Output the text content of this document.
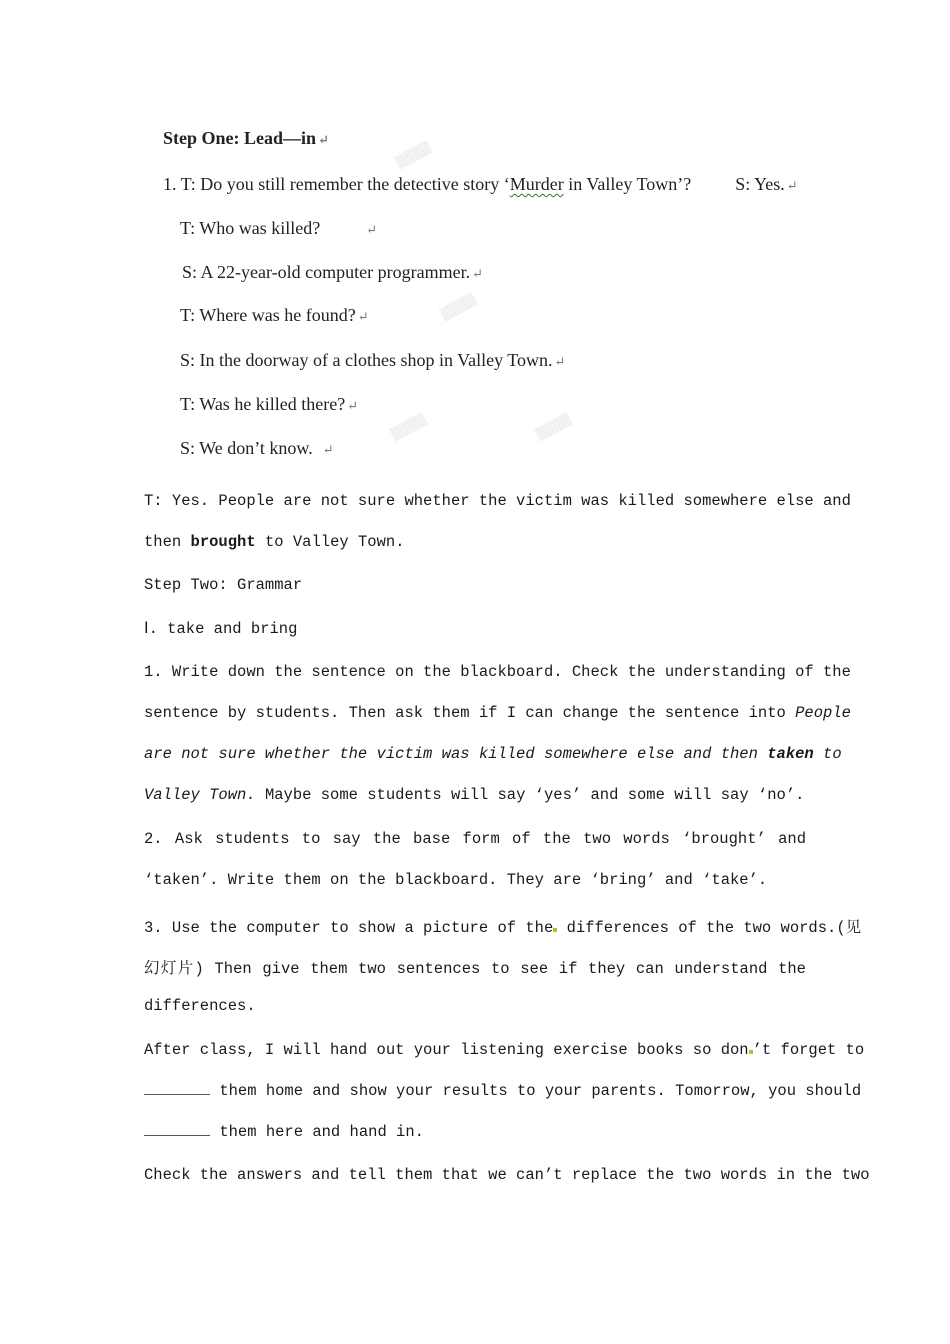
▒▒▒▒
▒▒▒▒
▒▒▒▒
▒▒▒▒
Step One: Lead—in ↵
1. T: Do you still remember the detective story ‘Murder in Valley Town’? S: Yes. ↵
T: Who was killed?	↵
S: A 22-year-old computer programmer. ↵
T: Where was he found? ↵
S: In the doorway of a clothes shop in Valley Town. ↵
T: Was he killed there? ↵
S: We don’t know. ↵
T: Yes. People are not sure whether the victim was killed somewhere else and
then brought to Valley Town.
Step Two: Grammar
Ⅰ. take and bring
1. Write down the sentence on the blackboard. Check the understanding of the
sentence by students. Then ask them if I can change the sentence into People
are not sure whether the victim was killed somewhere else and then taken to
Valley Town. Maybe some students will say ‘yes’ and some will say ‘no’.
2. Ask students to say the base form of the two words ‘brought’ and
‘taken’. Write them on the blackboard. They are ‘bring’ and ‘take’.
3. Use the computer to show a picture of the differences of the two words.(见
幻灯片) Then give them two sentences to see if they can understand the
differences.
After class, I will hand out your listening exercise books so don ’t forget to
them home and show your results to your parents. Tomorrow, you should
them here and hand in.
Check the answers and tell them that we can’t replace the two words in the two
